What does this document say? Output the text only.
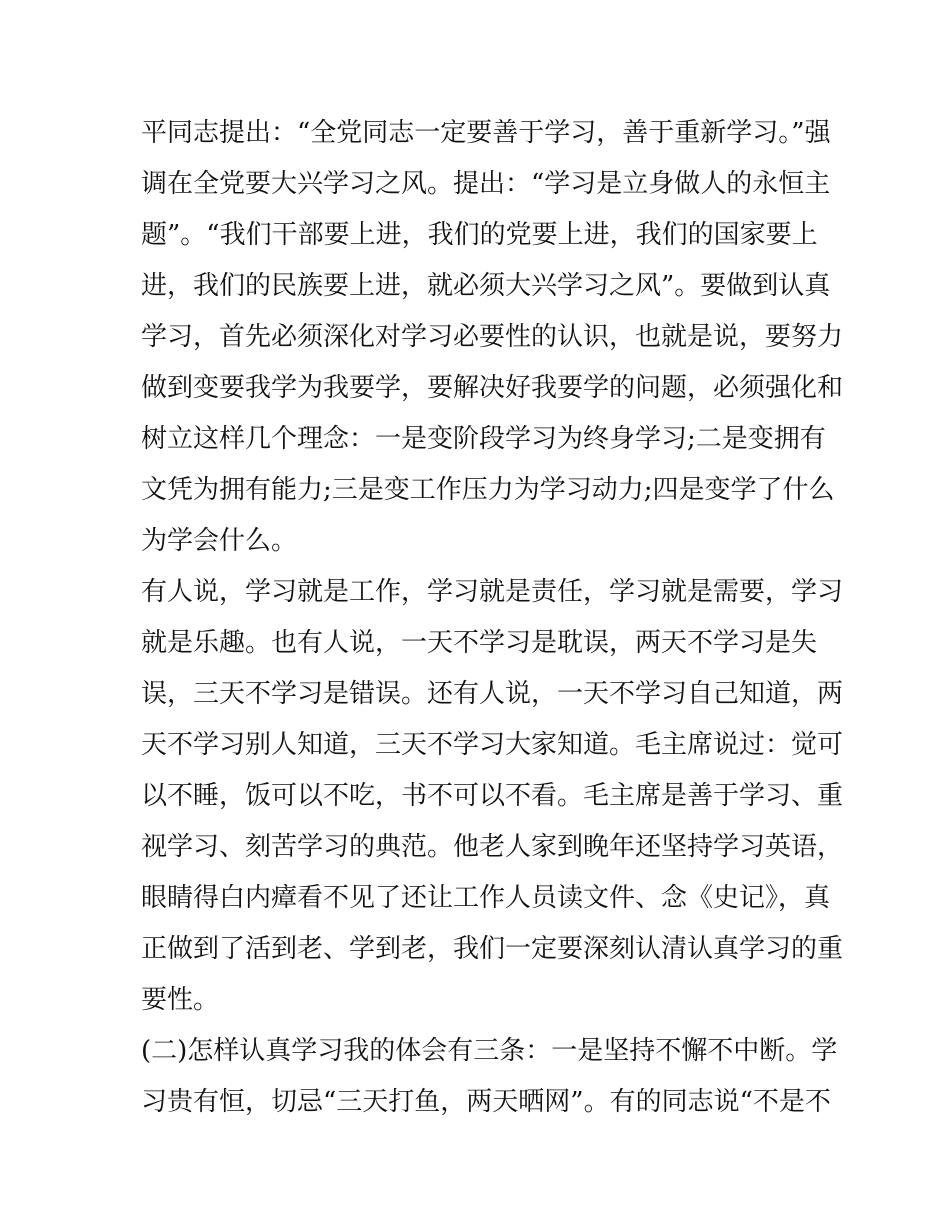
平同志提出：“全党同志一定要善于学习，善于重新学习。”强
调在全党要大兴学习之风。提出：“学习是立身做人的永恒主
题”。“我们干部要上进，我们的党要上进，我们的国家要上
进，我们的民族要上进，就必须大兴学习之风”。要做到认真
学习，首先必须深化对学习必要性的认识，也就是说，要努力
做到变要我学为我要学，要解决好我要学的问题，必须强化和
树立这样几个理念：一是变阶段学习为终身学习;二是变拥有
文凭为拥有能力;三是变工作压力为学习动力;四是变学了什么
为学会什么。
有人说，学习就是工作，学习就是责任，学习就是需要，学习
就是乐趣。也有人说，一天不学习是耽误，两天不学习是失
误，三天不学习是错误。还有人说，一天不学习自己知道，两
天不学习别人知道，三天不学习大家知道。毛主席说过：觉可
以不睡，饭可以不吃，书不可以不看。毛主席是善于学习、重
视学习、刻苦学习的典范。他老人家到晚年还坚持学习英语，
眼睛得白内瘴看不见了还让工作人员读文件、念《史记》，真
正做到了活到老、学到老，我们一定要深刻认清认真学习的重
要性。
(二)怎样认真学习我的体会有三条：一是坚持不懈不中断。学
习贵有恒，切忌“三天打鱼，两天晒网”。有的同志说“不是不
